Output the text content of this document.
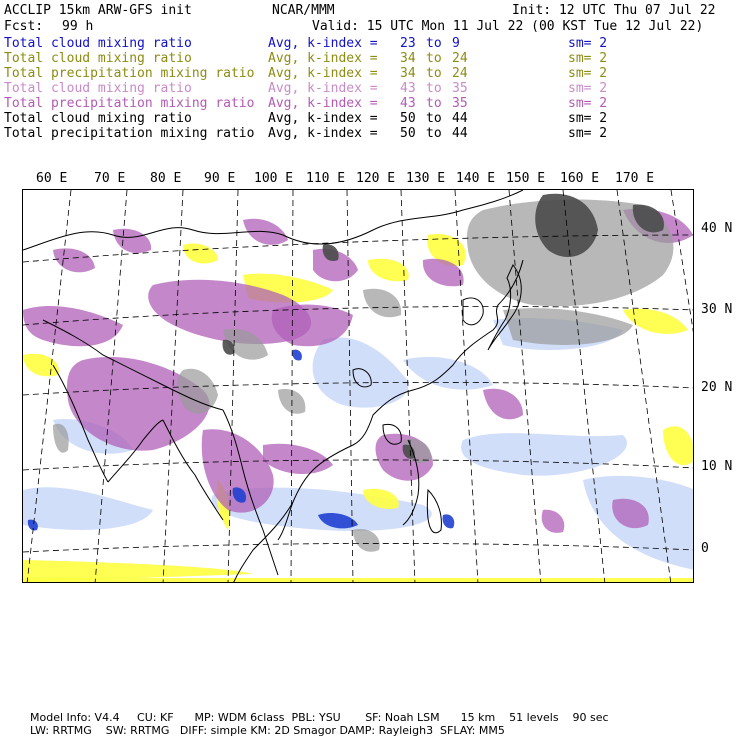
ACCLIP 15km ARW-GFS init	NCAR/MMM	Init: 12 UTC Thu 07 Jul 22
Fcst: 99 h	Valid: 15 UTC Mon 11 Jul 22 (00 KST Tue 12 Jul 22)
Total cloud mixing ratio	Avg, k-index = 23 to 9	sm= 2
Total cloud mixing ratio	Avg, k-index = 34 to 24	sm= 2
Total precipitation mixing ratio Avg, k-index = 34 to 24	sm= 2
Total cloud mixing ratio	Avg, k-index = 43 to 35	sm= 2
Total precipitation mixing ratio Avg, k-index = 43 to 35	sm= 2
Total cloud mixing ratio	Avg, k-index = 50 to 44	sm= 2
Total precipitation mixing ratio Avg, k-index = 50 to 44	sm= 2
60 E 70 E 80 E 90 E 100 E 110 E 120 E 130 E 140 E 150 E 160 E 170 E
40 N
30 N
20 N
10 N
0
Model Info: V4.4     CU: KF      MP: WDM 6class  PBL: YSU       SF: Noah LSM      15 km    51 levels    90 sec
LW: RRTMG    SW: RRTMG   DIFF: simple KM: 2D Smagor DAMP: Rayleigh3  SFLAY: MM5
